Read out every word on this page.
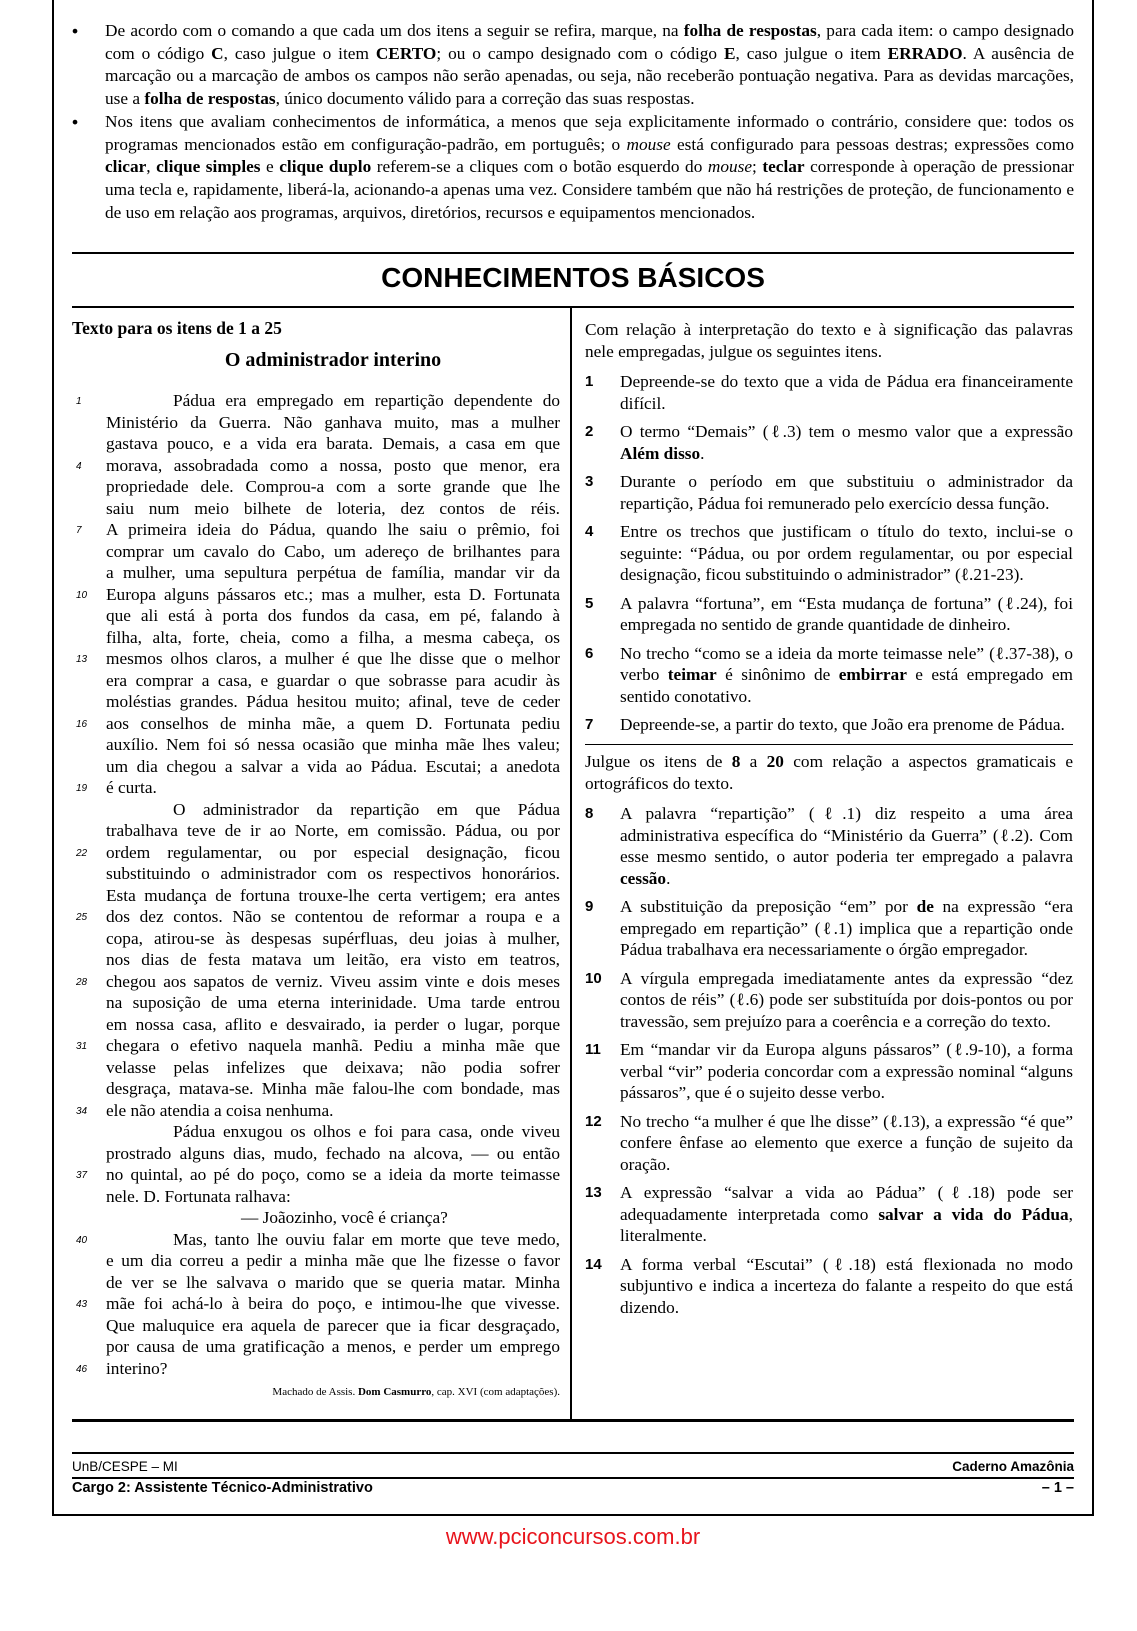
•	De acordo com o comando a que cada um dos itens a seguir se refira, marque, na folha de respostas, para cada item: o campo designado com o código C, caso julgue o item CERTO; ou o campo designado com o código E, caso julgue o item ERRADO. A ausência de marcação ou a marcação de ambos os campos não serão apenadas, ou seja, não receberão pontuação negativa. Para as devidas marcações, use a folha de respostas, único documento válido para a correção das suas respostas.
•	Nos itens que avaliam conhecimentos de informática, a menos que seja explicitamente informado o contrário, considere que: todos os programas mencionados estão em configuração-padrão, em português; o mouse está configurado para pessoas destras; expressões como clicar, clique simples e clique duplo referem-se a cliques com o botão esquerdo do mouse; teclar corresponde à operação de pressionar uma tecla e, rapidamente, liberá-la, acionando-a apenas uma vez. Considere também que não há restrições de proteção, de funcionamento e de uso em relação aos programas, arquivos, diretórios, recursos e equipamentos mencionados.
CONHECIMENTOS BÁSICOS
Texto para os itens de 1 a 25
O administrador interino
1	Pádua era empregado em repartição dependente do
Ministério da Guerra. Não ganhava muito, mas a mulher
gastava pouco, e a vida era barata. Demais, a casa em que
4 morava, assobradada como a nossa, posto que menor, era
propriedade dele. Comprou-a com a sorte grande que lhe
saiu num meio bilhete de loteria, dez contos de réis.
7 A primeira ideia do Pádua, quando lhe saiu o prêmio, foi
comprar um cavalo do Cabo, um adereço de brilhantes para
a mulher, uma sepultura perpétua de família, mandar vir da
10 Europa alguns pássaros etc.; mas a mulher, esta D. Fortunata
que ali está à porta dos fundos da casa, em pé, falando à
filha, alta, forte, cheia, como a filha, a mesma cabeça, os
13 mesmos olhos claros, a mulher é que lhe disse que o melhor
era comprar a casa, e guardar o que sobrasse para acudir às
moléstias grandes. Pádua hesitou muito; afinal, teve de ceder
16 aos conselhos de minha mãe, a quem D. Fortunata pediu
auxílio. Nem foi só nessa ocasião que minha mãe lhes valeu;
um dia chegou a salvar a vida ao Pádua. Escutai; a anedota
19 é curta.
O administrador da repartição em que Pádua
trabalhava teve de ir ao Norte, em comissão. Pádua, ou por
22 ordem regulamentar, ou por especial designação, ficou
substituindo o administrador com os respectivos honorários.
Esta mudança de fortuna trouxe-lhe certa vertigem; era antes
25 dos dez contos. Não se contentou de reformar a roupa e a
copa, atirou-se às despesas supérfluas, deu joias à mulher,
nos dias de festa matava um leitão, era visto em teatros,
28 chegou aos sapatos de verniz. Viveu assim vinte e dois meses
na suposição de uma eterna interinidade. Uma tarde entrou
em nossa casa, aflito e desvairado, ia perder o lugar, porque
31 chegara o efetivo naquela manhã. Pediu a minha mãe que
velasse pelas infelizes que deixava; não podia sofrer
desgraça, matava-se. Minha mãe falou-lhe com bondade, mas
34 ele não atendia a coisa nenhuma.
Pádua enxugou os olhos e foi para casa, onde viveu
prostrado alguns dias, mudo, fechado na alcova, — ou então
37 no quintal, ao pé do poço, como se a ideia da morte teimasse
nele. D. Fortunata ralhava:
— Joãozinho, você é criança?
40	Mas, tanto lhe ouviu falar em morte que teve medo,
e um dia correu a pedir a minha mãe que lhe fizesse o favor
de ver se lhe salvava o marido que se queria matar. Minha
43 mãe foi achá-lo à beira do poço, e intimou-lhe que vivesse.
Que maluquice era aquela de parecer que ia ficar desgraçado,
por causa de uma gratificação a menos, e perder um emprego
46 interino?
Machado de Assis. Dom Casmurro, cap. XVI (com adaptações).

Com relação à interpretação do texto e à significação das palavras nele empregadas, julgue os seguintes itens.

1	Depreende-se do texto que a vida de Pádua era financeiramente difícil.
2	O termo “Demais” (ℓ.3) tem o mesmo valor que a expressão Além disso.
3	Durante o período em que substituiu o administrador da repartição, Pádua foi remunerado pelo exercício dessa função.
4	Entre os trechos que justificam o título do texto, inclui-se o seguinte: “Pádua, ou por ordem regulamentar, ou por especial designação, ficou substituindo o administrador” (ℓ.21-23).
5	A palavra “fortuna”, em “Esta mudança de fortuna” (ℓ.24), foi empregada no sentido de grande quantidade de dinheiro.
6	No trecho “como se a ideia da morte teimasse nele” (ℓ.37-38), o verbo teimar é sinônimo de embirrar e está empregado em sentido conotativo.
7	Depreende-se, a partir do texto, que João era prenome de Pádua.

Julgue os itens de 8 a 20 com relação a aspectos gramaticais e ortográficos do texto.

8	A palavra “repartição” (ℓ.1) diz respeito a uma área administrativa específica do “Ministério da Guerra” (ℓ.2). Com esse mesmo sentido, o autor poderia ter empregado a palavra cessão.
9	A substituição da preposição “em” por de na expressão “era empregado em repartição” (ℓ.1) implica que a repartição onde Pádua trabalhava era necessariamente o órgão empregador.
10	A vírgula empregada imediatamente antes da expressão “dez contos de réis” (ℓ.6) pode ser substituída por dois-pontos ou por travessão, sem prejuízo para a coerência e a correção do texto.
11	Em “mandar vir da Europa alguns pássaros” (ℓ.9-10), a forma verbal “vir” poderia concordar com a expressão nominal “alguns pássaros”, que é o sujeito desse verbo.
12	No trecho “a mulher é que lhe disse” (ℓ.13), a expressão “é que” confere ênfase ao elemento que exerce a função de sujeito da oração.
13	A expressão “salvar a vida ao Pádua” (ℓ.18) pode ser adequadamente interpretada como salvar a vida do Pádua, literalmente.
14	A forma verbal “Escutai” (ℓ.18) está flexionada no modo subjuntivo e indica a incerteza do falante a respeito do que está dizendo.
UnB/CESPE – MI	Caderno Amazônia
Cargo 2: Assistente Técnico-Administrativo	– 1 –
www.pciconcursos.com.br
